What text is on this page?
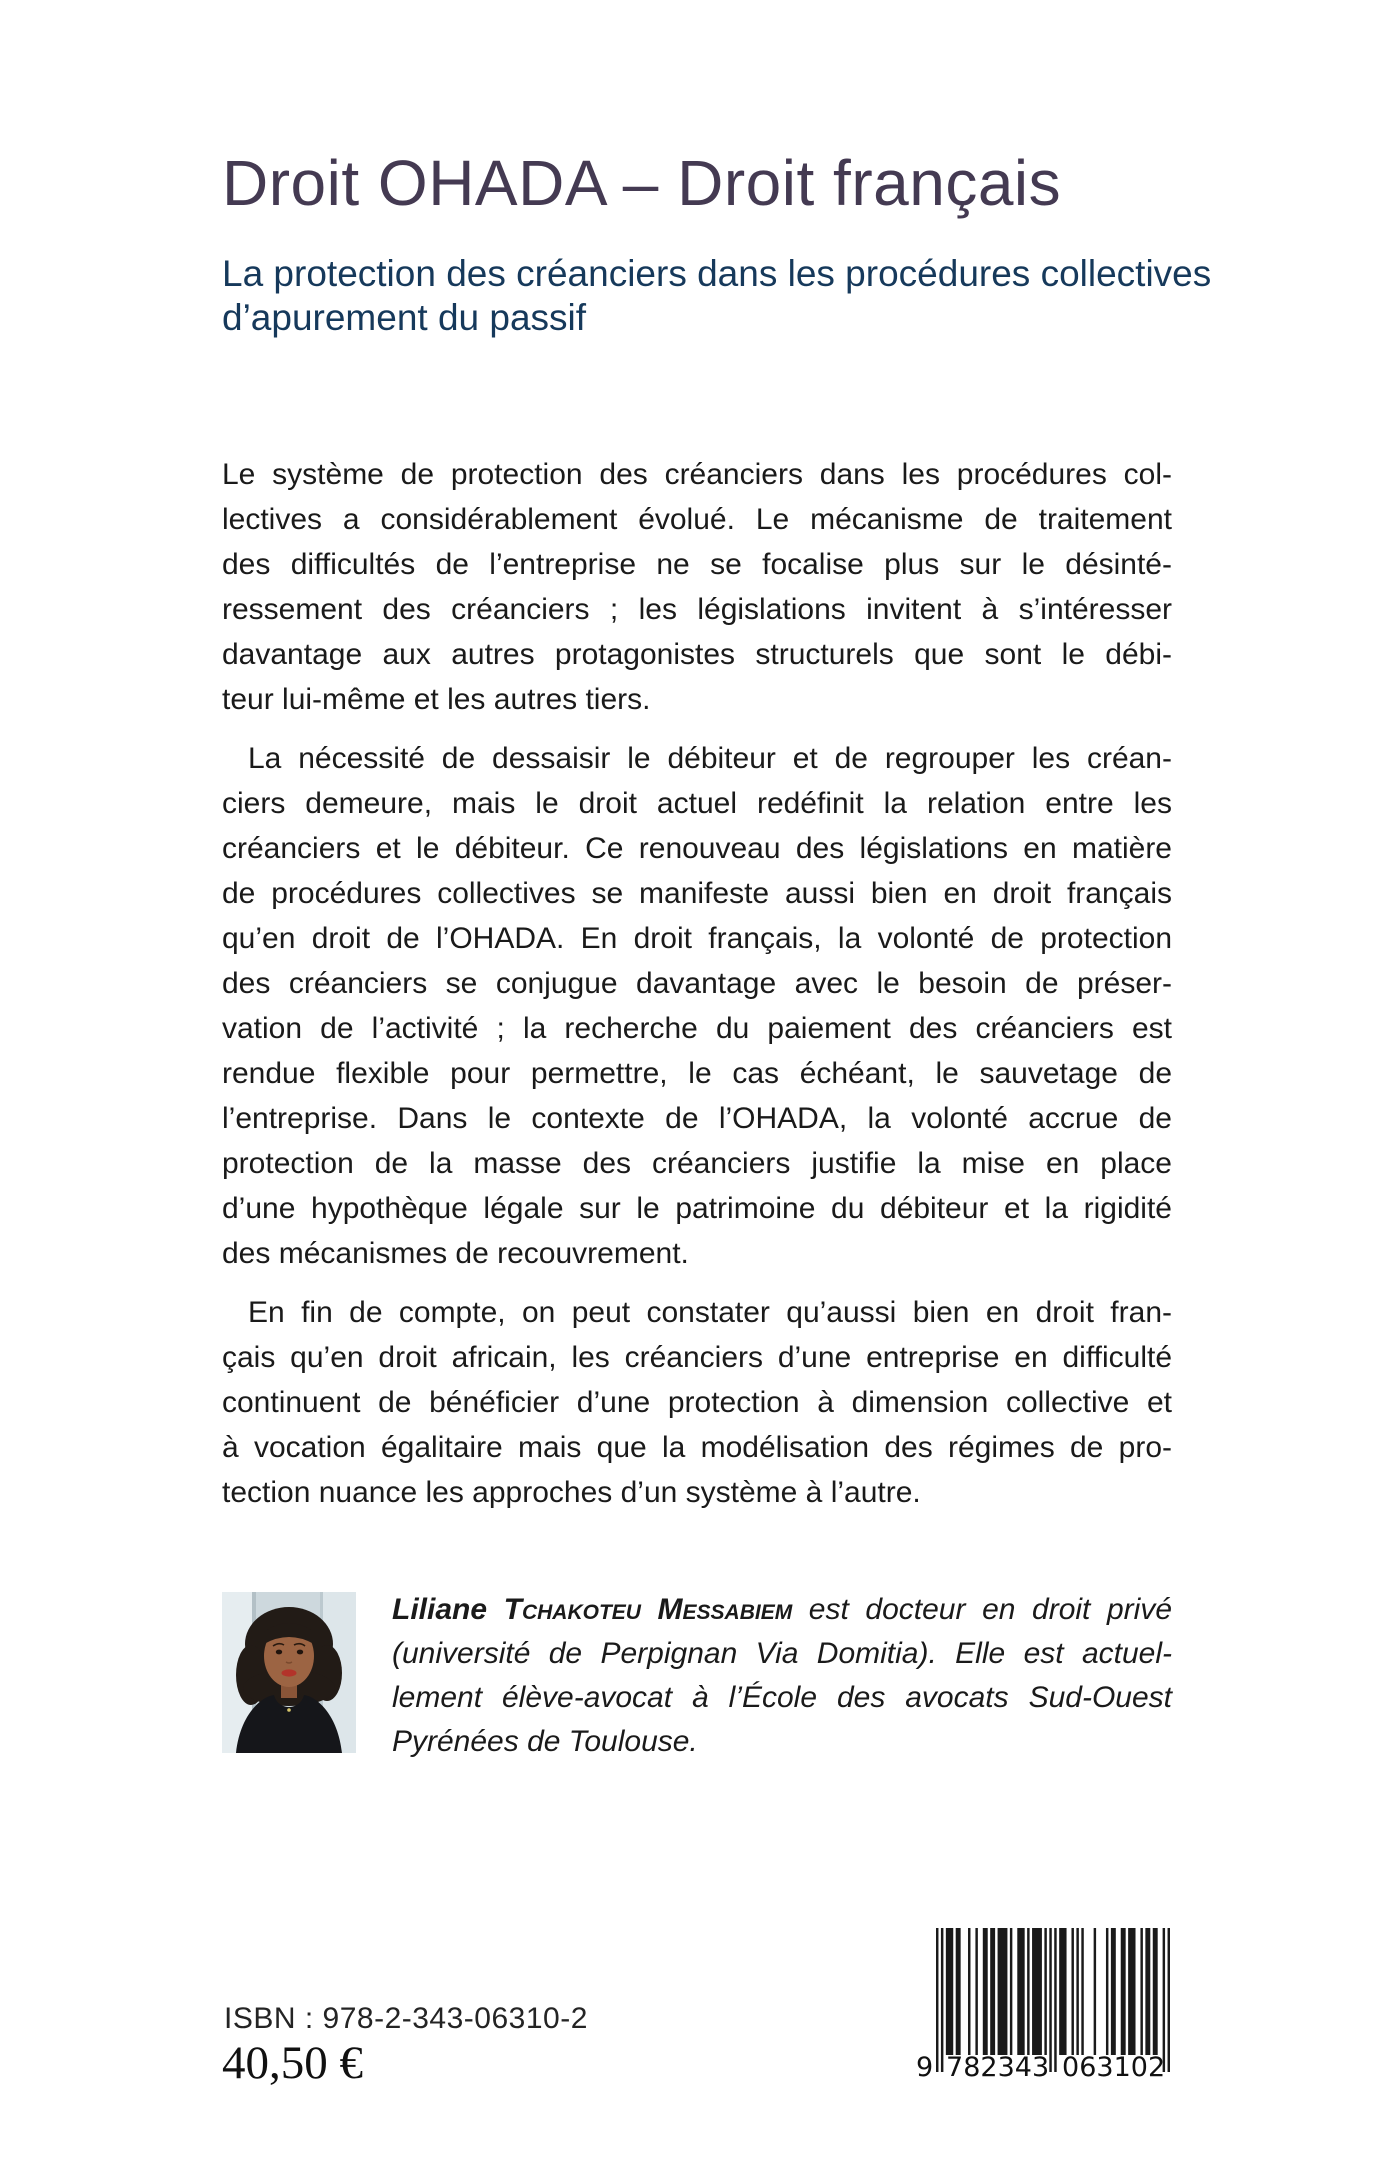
Droit OHADA – Droit français
La protection des créanciers dans les procédures collectives
d’apurement du passif
Le système de protection des créanciers dans les procédures col-
lectives a considérablement évolué. Le mécanisme de traitement
des difficultés de l’entreprise ne se focalise plus sur le désinté-
ressement des créanciers ; les législations invitent à s’intéresser
davantage aux autres protagonistes structurels que sont le débi-
teur lui-même et les autres tiers.
La nécessité de dessaisir le débiteur et de regrouper les créan-
ciers demeure, mais le droit actuel redéfinit la relation entre les
créanciers et le débiteur. Ce renouveau des législations en matière
de procédures collectives se manifeste aussi bien en droit français
qu’en droit de l’OHADA. En droit français, la volonté de protection
des créanciers se conjugue davantage avec le besoin de préser-
vation de l’activité ; la recherche du paiement des créanciers est
rendue flexible pour permettre, le cas échéant, le sauvetage de
l’entreprise. Dans le contexte de l’OHADA, la volonté accrue de
protection de la masse des créanciers justifie la mise en place
d’une hypothèque légale sur le patrimoine du débiteur et la rigidité
des mécanismes de recouvrement.
En fin de compte, on peut constater qu’aussi bien en droit fran-
çais qu’en droit africain, les créanciers d’une entreprise en difficulté
continuent de bénéficier d’une protection à dimension collective et
à vocation égalitaire mais que la modélisation des régimes de pro-
tection nuance les approches d’un système à l’autre.
Liliane Tchakoteu Messabiem est docteur en droit privé
(université de Perpignan Via Domitia). Elle est actuel-
lement élève-avocat à l’École des avocats Sud-Ouest
Pyrénées de Toulouse.
ISBN : 978-2-343-06310-2
40,50 €	9 7 8 2 3 4 3 0 6 3 1 0 2
